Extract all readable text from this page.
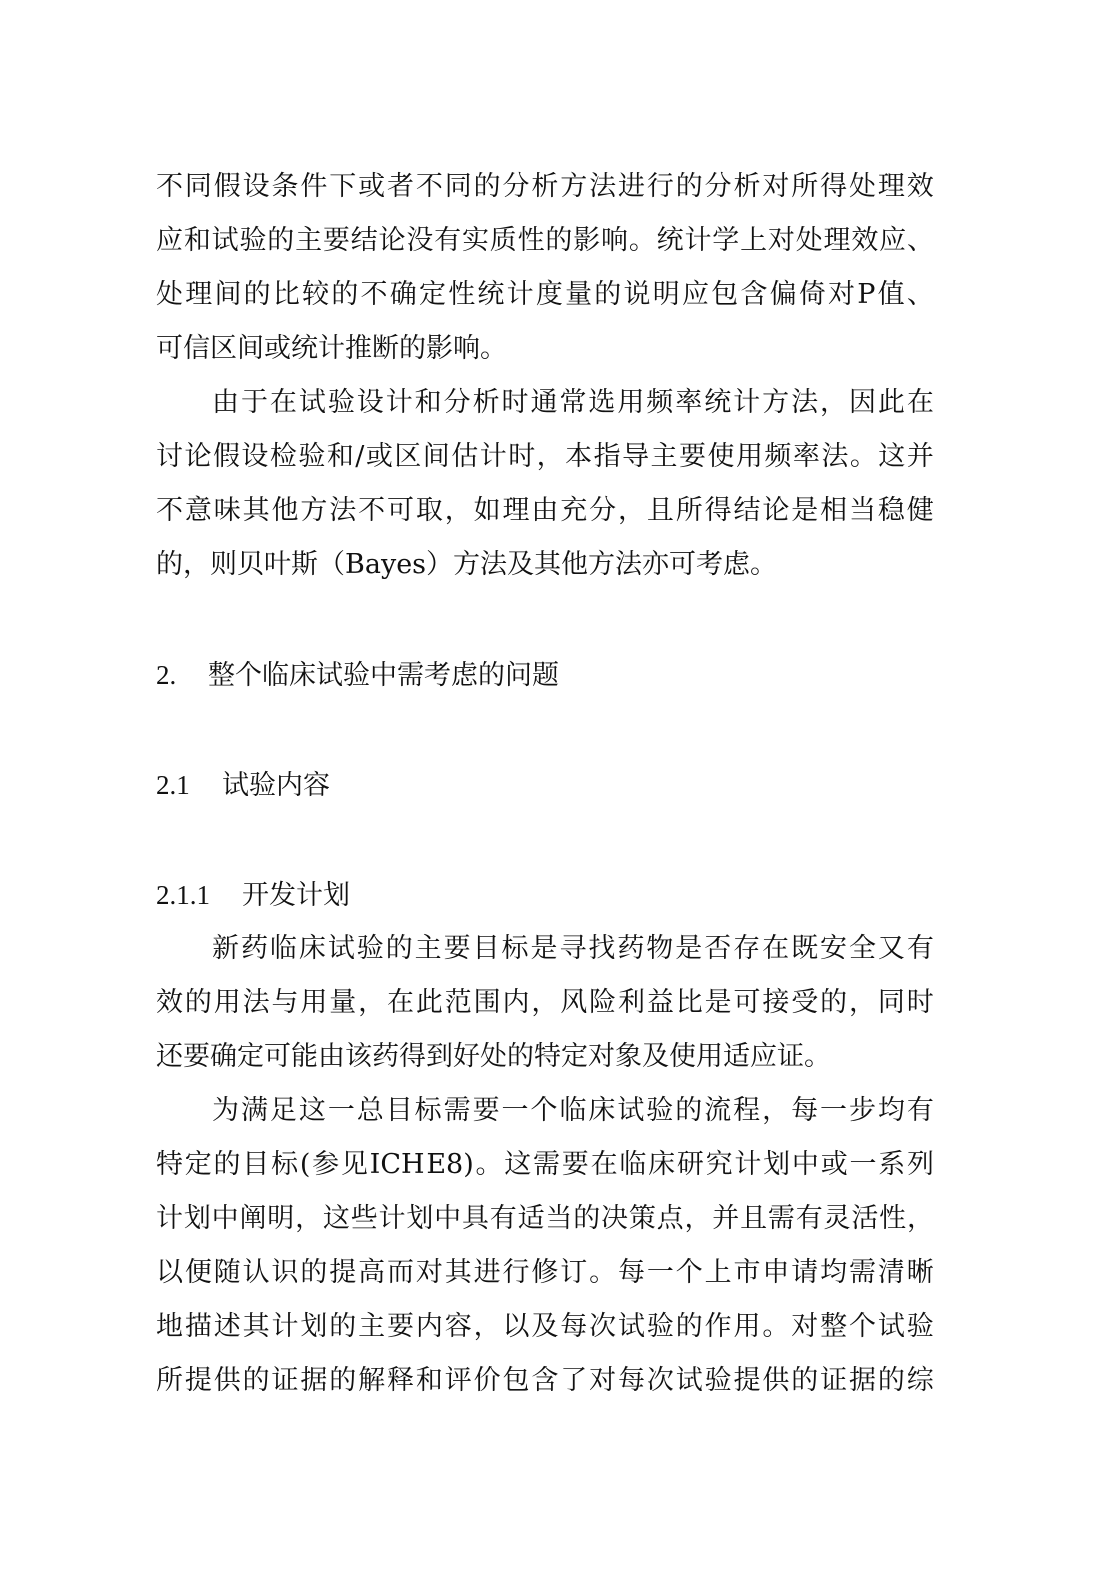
不 同 假 设 条 件 下 或 者 不 同 的 分 析 方 法 进 行 的 分 析 对 所 得 处 理 效
应 和 试 验 的 主 要 结 论 没 有 实 质 性 的 影 响 。 统 计 学 上 对 处 理 效 应 、
处 理 间 的 比 较 的 不 确 定 性 统 计 度 量 的 说 明 应 包 含 偏 倚 对 P 值 、
可信区间或统计推断的影响。
由 于 在 试 验 设 计 和 分 析 时 通 常 选 用 频 率 统 计 方 法 ， 因 此 在
讨 论 假 设 检 验 和 / 或 区 间 估 计 时 ， 本 指 导 主 要 使 用 频 率 法 。 这 并
不 意 味 其 他 方 法 不 可 取 ， 如 理 由 充 分 ， 且 所 得 结 论 是 相 当 稳 健
的，则贝叶斯（Bayes）方法及其他方法亦可考虑。
2. 整个临床试验中需考虑的问题
2.1 试验内容
2.1.1 开发计划
新 药 临 床 试 验 的 主 要 目 标 是 寻 找 药 物 是 否 存 在 既 安 全 又 有
效 的 用 法 与 用 量 ， 在 此 范 围 内 ， 风 险 利 益 比 是 可 接 受 的 ， 同 时
还要确定可能由该药得到好处的特定对象及使用适应证。
为 满 足 这 一 总 目 标 需 要 一 个 临 床 试 验 的 流 程 ， 每 一 步 均 有
特 定 的 目 标 ( 参 见 ICH E8) 。 这 需 要 在 临 床 研 究 计 划 中 或 一 系 列
计 划 中 阐 明 ， 这 些 计 划 中 具 有 适 当 的 决 策 点 ， 并 且 需 有 灵 活 性 ，
以 便 随 认 识 的 提 高 而 对 其 进 行 修 订 。 每 一 个 上 市 申 请 均 需 清 晰
地 描 述 其 计 划 的 主 要 内 容 ， 以 及 每 次 试 验 的 作 用 。 对 整 个 试 验
所 提 供 的 证 据 的 解 释 和 评 价 包 含 了 对 每 次 试 验 提 供 的 证 据 的 综
